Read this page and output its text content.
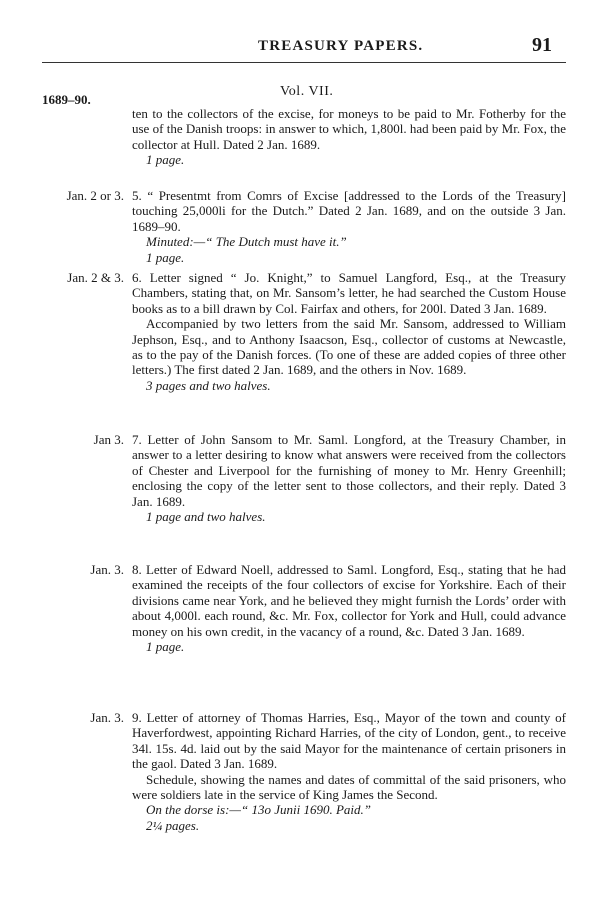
TREASURY PAPERS.	91
Vol. VII.
1689–90.

ten to the collectors of the excise, for moneys to be paid to Mr. Fotherby for the use of the Danish troops: in answer to which, 1,800l. had been paid by Mr. Fox, the collector at Hull. Dated 2 Jan. 1689.

1 page.

Jan. 2 or 3. 5. “ Presentmt from Comrs of Excise [addressed to the Lords of the Treasury] touching 25,000li for the Dutch.” Dated 2 Jan. 1689, and on the outside 3 Jan. 1689–90.

Minuted:—“ The Dutch must have it.”

1 page.

Jan. 2 & 3. 6. Letter signed “ Jo. Knight,” to Samuel Langford, Esq., at the Treasury Chambers, stating that, on Mr. Sansom’s letter, he had searched the Custom House books as to a bill drawn by Col. Fairfax and others, for 200l. Dated 3 Jan. 1689.

Accompanied by two letters from the said Mr. Sansom, addressed to William Jephson, Esq., and to Anthony Isaacson, Esq., collector of customs at Newcastle, as to the pay of the Danish forces. (To one of these are added copies of three other letters.) The first dated 2 Jan. 1689, and the others in Nov. 1689.

3 pages and two halves.

Jan 3. 7. Letter of John Sansom to Mr. Saml. Longford, at the Treasury Chamber, in answer to a letter desiring to know what answers were received from the collectors of Chester and Liverpool for the furnishing of money to Mr. Henry Greenhill; enclosing the copy of the letter sent to those collectors, and their reply. Dated 3 Jan. 1689.

1 page and two halves.

Jan. 3. 8. Letter of Edward Noell, addressed to Saml. Longford, Esq., stating that he had examined the receipts of the four collectors of excise for Yorkshire. Each of their divisions came near York, and he believed they might furnish the Lords’ order with about 4,000l. each round, &c. Mr. Fox, collector for York and Hull, could advance money on his own credit, in the vacancy of a round, &c. Dated 3 Jan. 1689.

1 page.

Jan. 3. 9. Letter of attorney of Thomas Harries, Esq., Mayor of the town and county of Haverfordwest, appointing Richard Harries, of the city of London, gent., to receive 34l. 15s. 4d. laid out by the said Mayor for the maintenance of certain prisoners in the gaol. Dated 3 Jan. 1689.

Schedule, showing the names and dates of committal of the said prisoners, who were soldiers late in the service of King James the Second.

On the dorse is:—“ 13o Junii 1690. Paid.”

2¼ pages.
